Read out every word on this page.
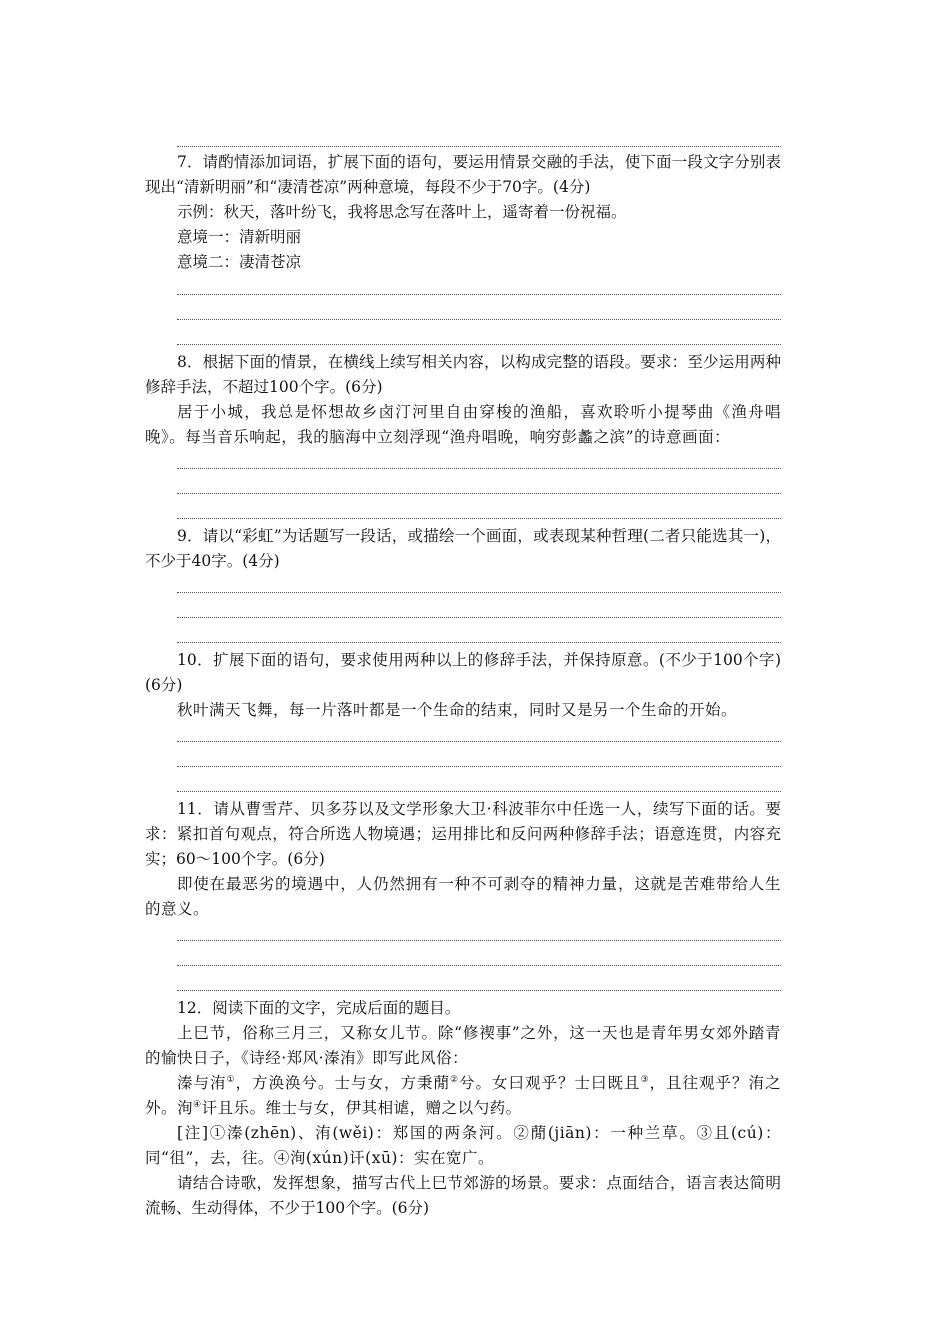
7．请酌情添加词语，扩展下面的语句，要运用情景交融的手法，使下面一段文字分别表现出“清新明丽”和“凄清苍凉”两种意境，每段不少于70字。(4分)

示例：秋天，落叶纷飞，我将思念写在落叶上，遥寄着一份祝福。

意境一：清新明丽

意境二：凄清苍凉

8．根据下面的情景，在横线上续写相关内容，以构成完整的语段。要求：至少运用两种修辞手法，不超过100个字。(6分)

居于小城，我总是怀想故乡卤汀河里自由穿梭的渔船，喜欢聆听小提琴曲《渔舟唱晚》。每当音乐响起，我的脑海中立刻浮现“渔舟唱晚，响穷彭蠡之滨”的诗意画面：

9．请以“彩虹”为话题写一段话，或描绘一个画面，或表现某种哲理(二者只能选其一)，不少于40字。(4分)

10．扩展下面的语句，要求使用两种以上的修辞手法，并保持原意。(不少于100个字)(6分)

秋叶满天飞舞，每一片落叶都是一个生命的结束，同时又是另一个生命的开始。

11．请从曹雪芹、贝多芬以及文学形象大卫·科波菲尔中任选一人，续写下面的话。要求：紧扣首句观点，符合所选人物境遇；运用排比和反问两种修辞手法；语意连贯，内容充实；60～100个字。(6分)

即使在最恶劣的境遇中，人仍然拥有一种不可剥夺的精神力量，这就是苦难带给人生的意义。

12．阅读下面的文字，完成后面的题目。

上巳节，俗称三月三，又称女儿节。除“修禊事”之外，这一天也是青年男女郊外踏青的愉快日子，《诗经·郑风·溱洧》即写此风俗：

溱与洧①，方涣涣兮。士与女，方秉蕑②兮。女曰观乎？士曰既且③，且往观乎？洧之外。洵④讦且乐。维士与女，伊其相谑，赠之以勺药。

[注]①溱(zhēn)、洧(wěi)：郑国的两条河。②蕑(jiān)：一种兰草。③且(cú)：同“徂”，去，往。④洵(xún)讦(xū)：实在宽广。

请结合诗歌，发挥想象，描写古代上巳节郊游的场景。要求：点面结合，语言表达简明流畅、生动得体，不少于100个字。(6分)
